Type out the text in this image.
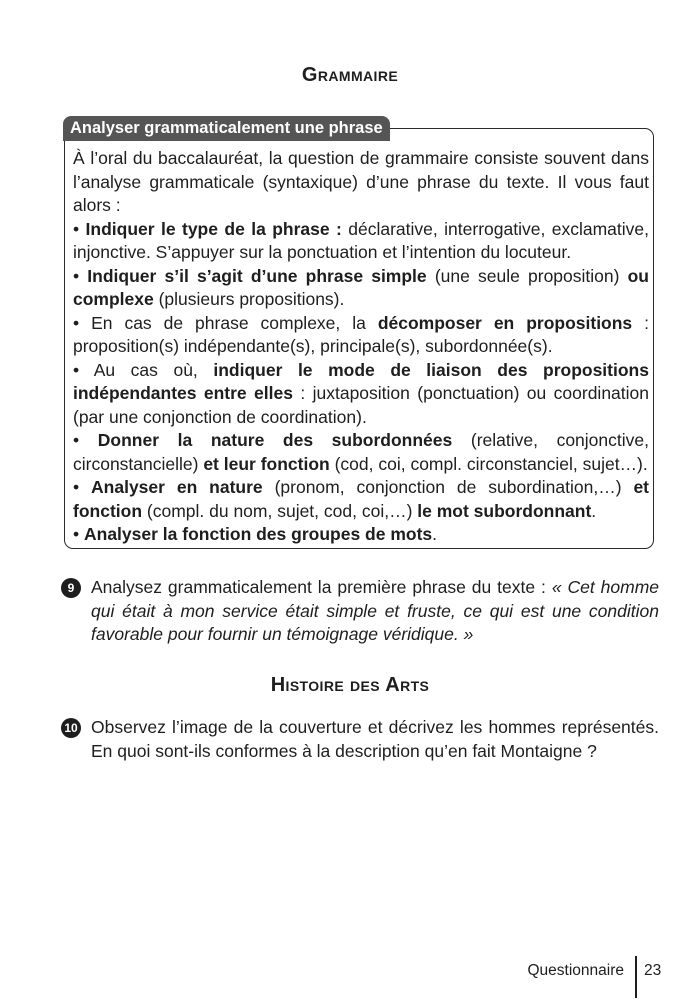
Grammaire
Analyser grammaticalement une phrase

À l’oral du baccalauréat, la question de grammaire consiste souvent dans l’analyse grammaticale (syntaxique) d’une phrase du texte. Il vous faut alors :

• Indiquer le type de la phrase : déclarative, interrogative, exclamative, injonctive. S’appuyer sur la ponctuation et l’intention du locuteur.

• Indiquer s’il s’agit d’une phrase simple (une seule proposition) ou complexe (plusieurs propositions).

• En cas de phrase complexe, la décomposer en propositions : proposition(s) indépendante(s), principale(s), subordonnée(s).

• Au cas où, indiquer le mode de liaison des propositions indépendantes entre elles : juxtaposition (ponctuation) ou coordination (par une conjonction de coordination).

• Donner la nature des subordonnées (relative, conjonctive, circonstancielle) et leur fonction (cod, coi, compl. circonstanciel, sujet…).

• Analyser en nature (pronom, conjonction de subordination,…) et fonction (compl. du nom, sujet, cod, coi,…) le mot subordonnant.

• Analyser la fonction des groupes de mots.

9 Analysez grammaticalement la première phrase du texte : « Cet homme qui était à mon service était simple et fruste, ce qui est une condition favorable pour fournir un témoignage véridique. »
Histoire des Arts
10 Observez l’image de la couverture et décrivez les hommes représentés. En quoi sont-ils conformes à la description qu’en fait Montaigne ?
Questionnaire 23
